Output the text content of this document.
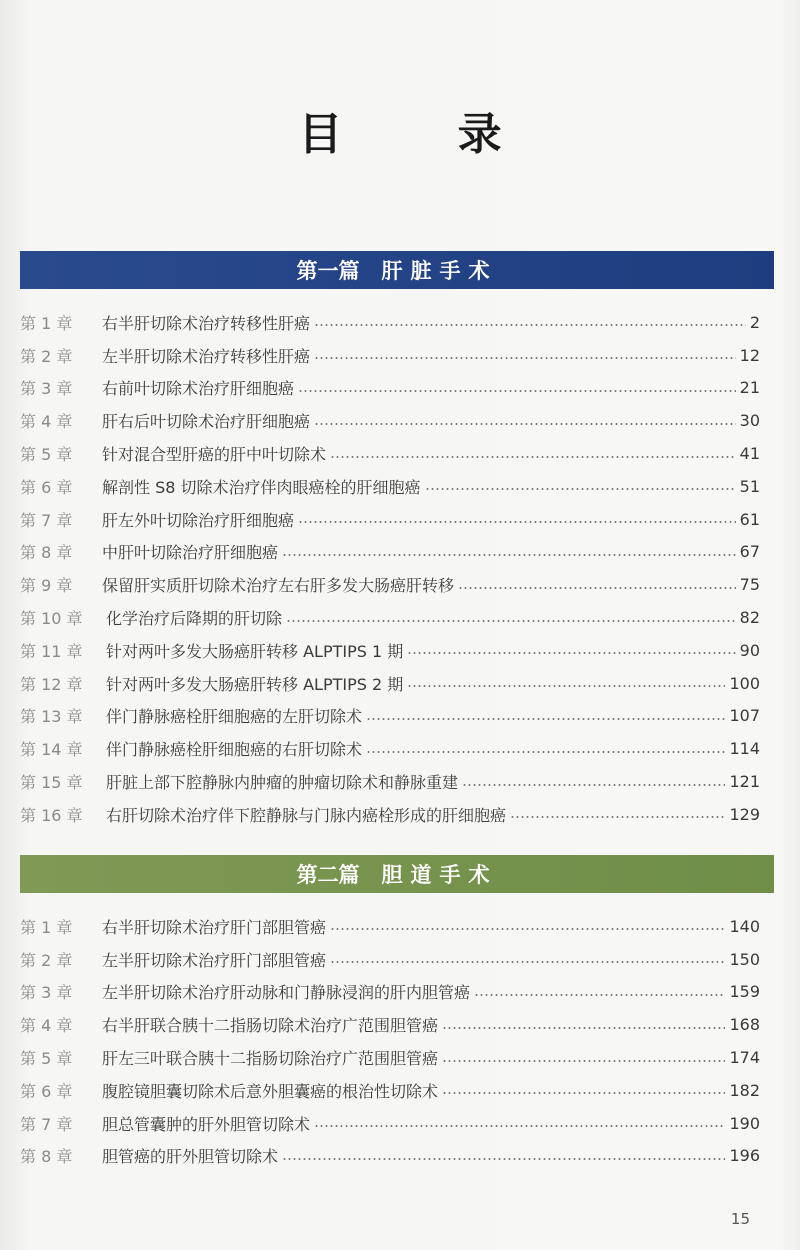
目 录
第一篇 肝脏手术
第 1 章	右半肝切除术治疗转移性肝癌	2
第 2 章	左半肝切除术治疗转移性肝癌	12
第 3 章	右前叶切除术治疗肝细胞癌	21
第 4 章	肝右后叶切除术治疗肝细胞癌	30
第 5 章	针对混合型肝癌的肝中叶切除术	41
第 6 章	解剖性 S8 切除术治疗伴肉眼癌栓的肝细胞癌	51
第 7 章	肝左外叶切除治疗肝细胞癌	61
第 8 章	中肝叶切除治疗肝细胞癌	67
第 9 章	保留肝实质肝切除术治疗左右肝多发大肠癌肝转移	75
第 10 章	化学治疗后降期的肝切除	82
第 11 章	针对两叶多发大肠癌肝转移 ALPTIPS 1 期	90
第 12 章	针对两叶多发大肠癌肝转移 ALPTIPS 2 期	100
第 13 章	伴门静脉癌栓肝细胞癌的左肝切除术	107
第 14 章	伴门静脉癌栓肝细胞癌的右肝切除术	114
第 15 章	肝脏上部下腔静脉内肿瘤的肿瘤切除术和静脉重建	121
第 16 章	右肝切除术治疗伴下腔静脉与门脉内癌栓形成的肝细胞癌	129
第二篇 胆道手术
第 1 章	右半肝切除术治疗肝门部胆管癌	140
第 2 章	左半肝切除术治疗肝门部胆管癌	150
第 3 章	左半肝切除术治疗肝动脉和门静脉浸润的肝内胆管癌	159
第 4 章	右半肝联合胰十二指肠切除术治疗广范围胆管癌	168
第 5 章	肝左三叶联合胰十二指肠切除治疗广范围胆管癌	174
第 6 章	腹腔镜胆囊切除术后意外胆囊癌的根治性切除术	182
第 7 章	胆总管囊肿的肝外胆管切除术	190
第 8 章	胆管癌的肝外胆管切除术	196
15
